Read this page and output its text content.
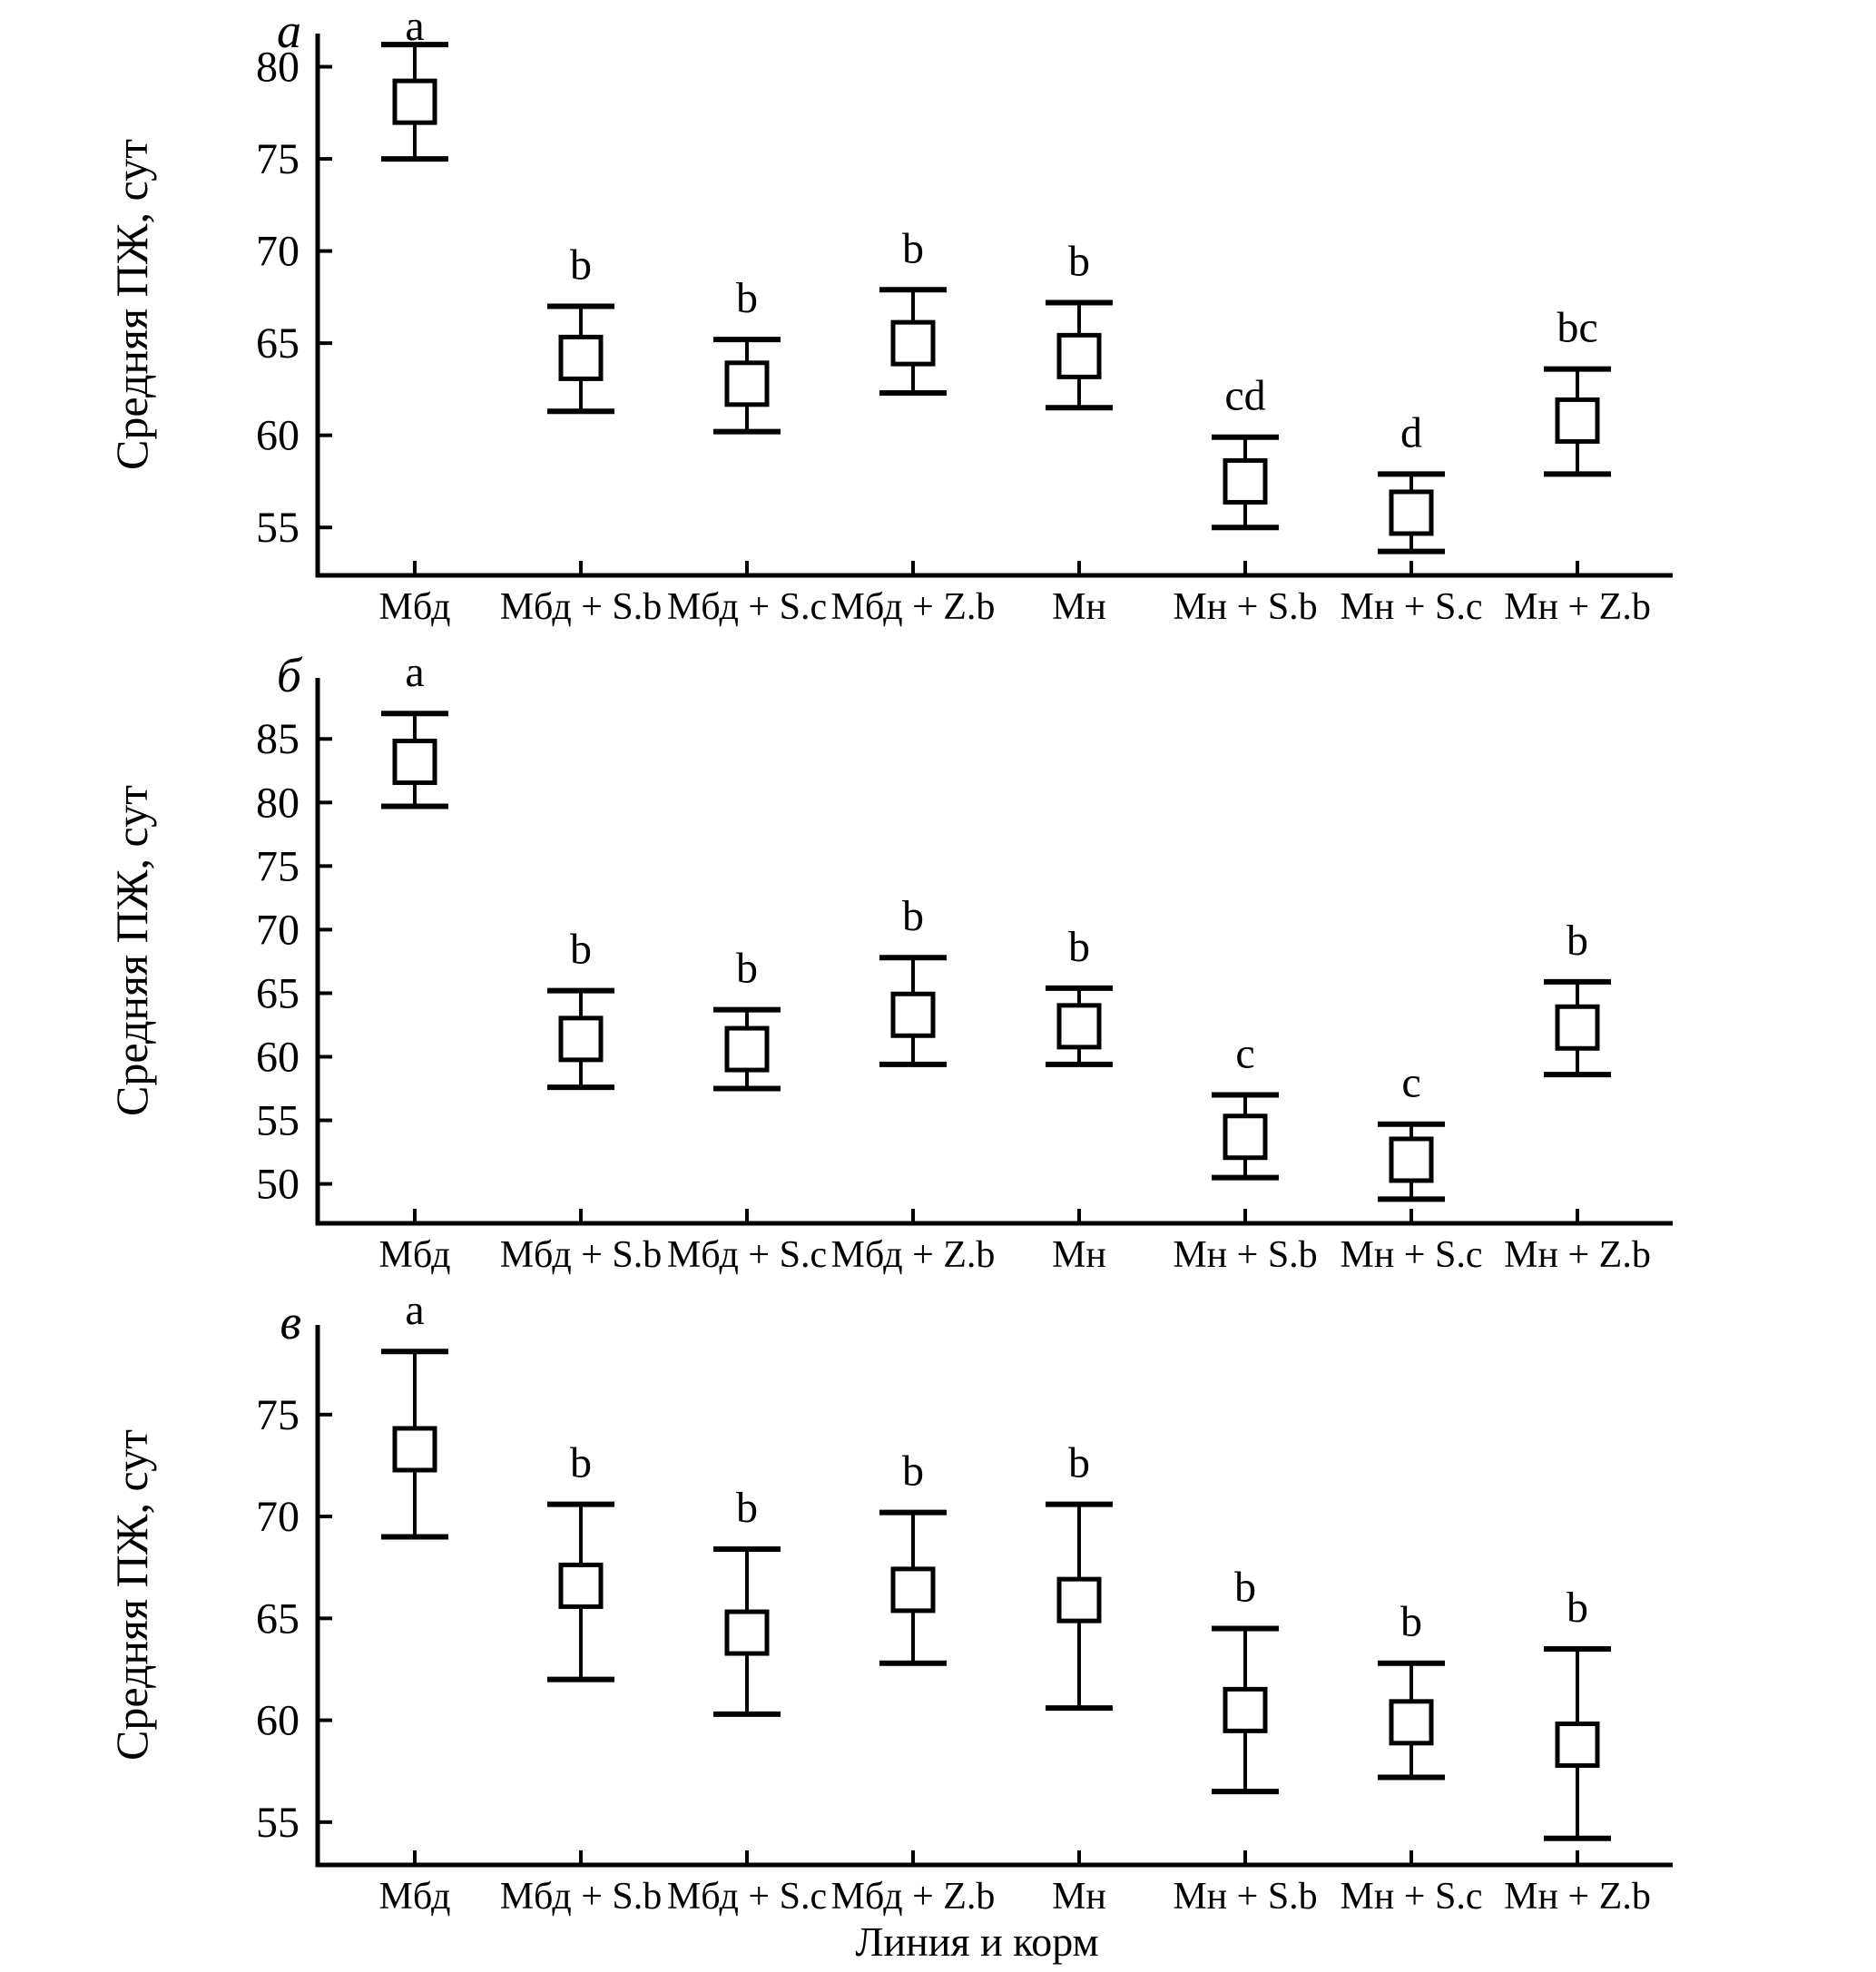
а
Средняя ПЖ, сут
55
60
65
70
75
80
Мбд
a
Мбд + S.b
b
Мбд + S.c
b
Мбд + Z.b
b
Мн
b
Мн + S.b
cd
Мн + S.c
d
Мн + Z.b
bc
б
Средняя ПЖ, сут
50
55
60
65
70
75
80
85
Мбд
a
Мбд + S.b
b
Мбд + S.c
b
Мбд + Z.b
b
Мн
b
Мн + S.b
c
Мн + S.c
c
Мн + Z.b
b
в
Средняя ПЖ, сут
55
60
65
70
75
Мбд
a
Мбд + S.b
b
Мбд + S.c
b
Мбд + Z.b
b
Мн
b
Мн + S.b
b
Мн + S.c
b
Мн + Z.b
b
Линия и корм
